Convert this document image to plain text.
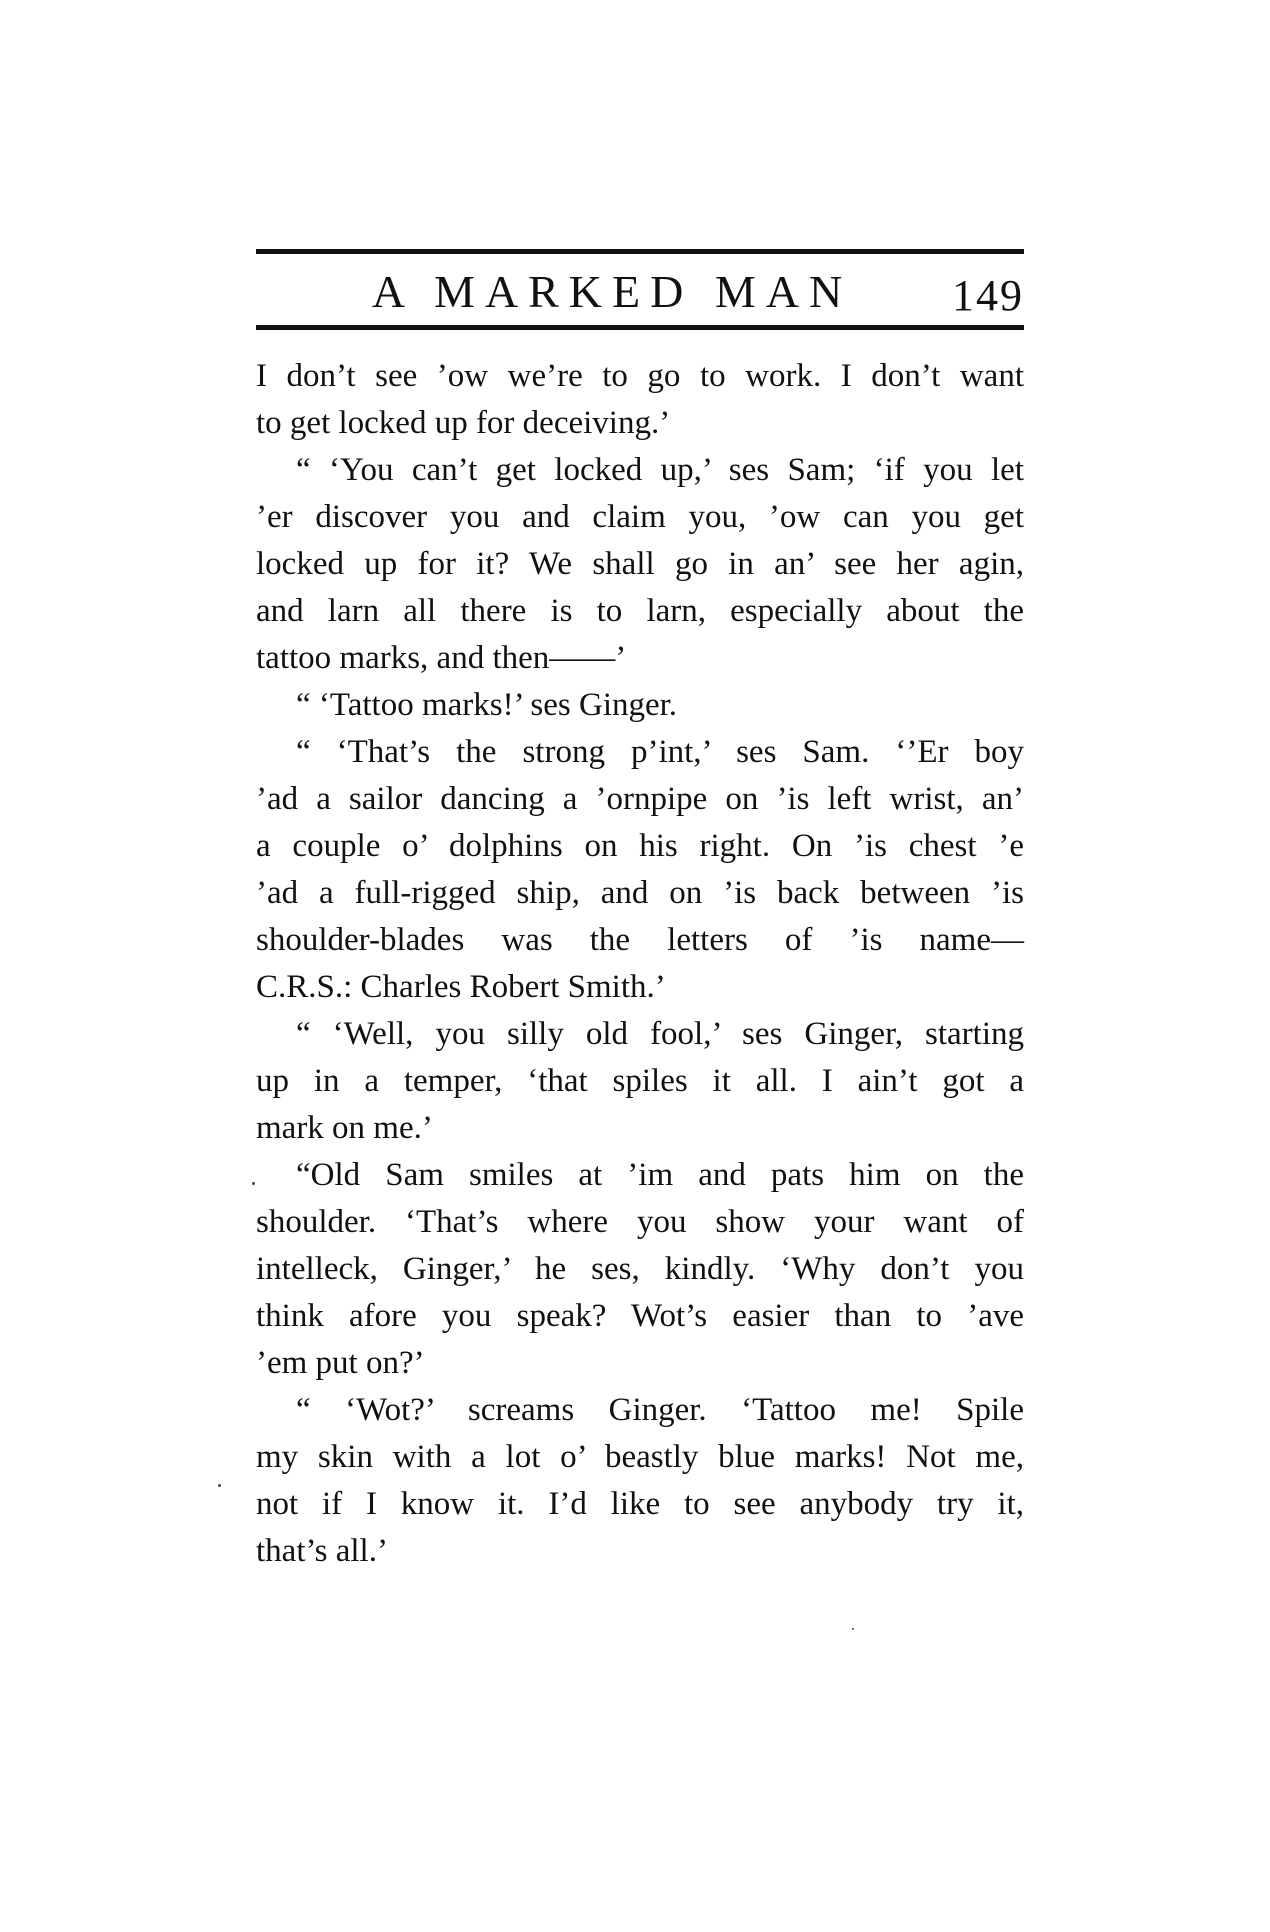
A MARKED MAN	149
I don’t see ’ow we’re to go to work. I don’t want
to get locked up for deceiving.’
“ ‘You can’t get locked up,’ ses Sam; ‘if you let
’er discover you and claim you, ’ow can you get
locked up for it? We shall go in an’ see her agin,
and larn all there is to larn, especially about the
tattoo marks, and then——’
“ ‘Tattoo marks!’ ses Ginger.
“ ‘That’s the strong p’int,’ ses Sam. ‘’Er boy
’ad a sailor dancing a ’ornpipe on ’is left wrist, an’
a couple o’ dolphins on his right. On ’is chest ’e
’ad a full-rigged ship, and on ’is back between ’is
shoulder-blades was the letters of ’is name—
C.R.S.: Charles Robert Smith.’
“ ‘Well, you silly old fool,’ ses Ginger, starting
up in a temper, ‘that spiles it all. I ain’t got a
mark on me.’
“Old Sam smiles at ’im and pats him on the
shoulder. ‘That’s where you show your want of
intelleck, Ginger,’ he ses, kindly. ‘Why don’t you
think afore you speak? Wot’s easier than to ’ave
’em put on?’
“ ‘Wot?’ screams Ginger. ‘Tattoo me! Spile
my skin with a lot o’ beastly blue marks! Not me,
not if I know it. I’d like to see anybody try it,
that’s all.’
